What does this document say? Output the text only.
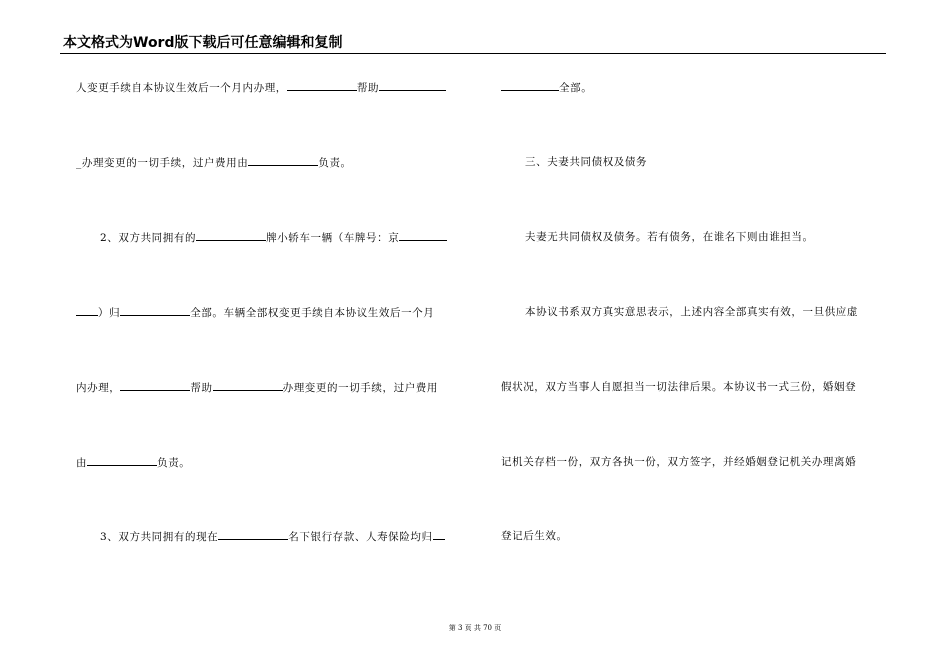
本文格式为Word版下载后可任意编辑和复制
人变更手续自本协议生效后一个月内办理，	帮助
_办理变更的一切手续，过户费用由	负责。
2、双方共同拥有的	牌小轿车一辆（车牌号：京
）归	全部。车辆全部权变更手续自本协议生效后一个月
内办理，	帮助	办理变更的一切手续，过户费用
由	负责。
3、双方共同拥有的现在	名下银行存款、人寿保险均归
全部。
三、夫妻共同债权及债务
夫妻无共同债权及债务。若有债务，在谁名下则由谁担当。
本协议书系双方真实意思表示，上述内容全部真实有效，一旦供应虚
假状况，双方当事人自愿担当一切法律后果。本协议书一式三份，婚姻登
记机关存档一份，双方各执一份，双方签字，并经婚姻登记机关办理离婚
登记后生效。
第 3 页 共 70 页
